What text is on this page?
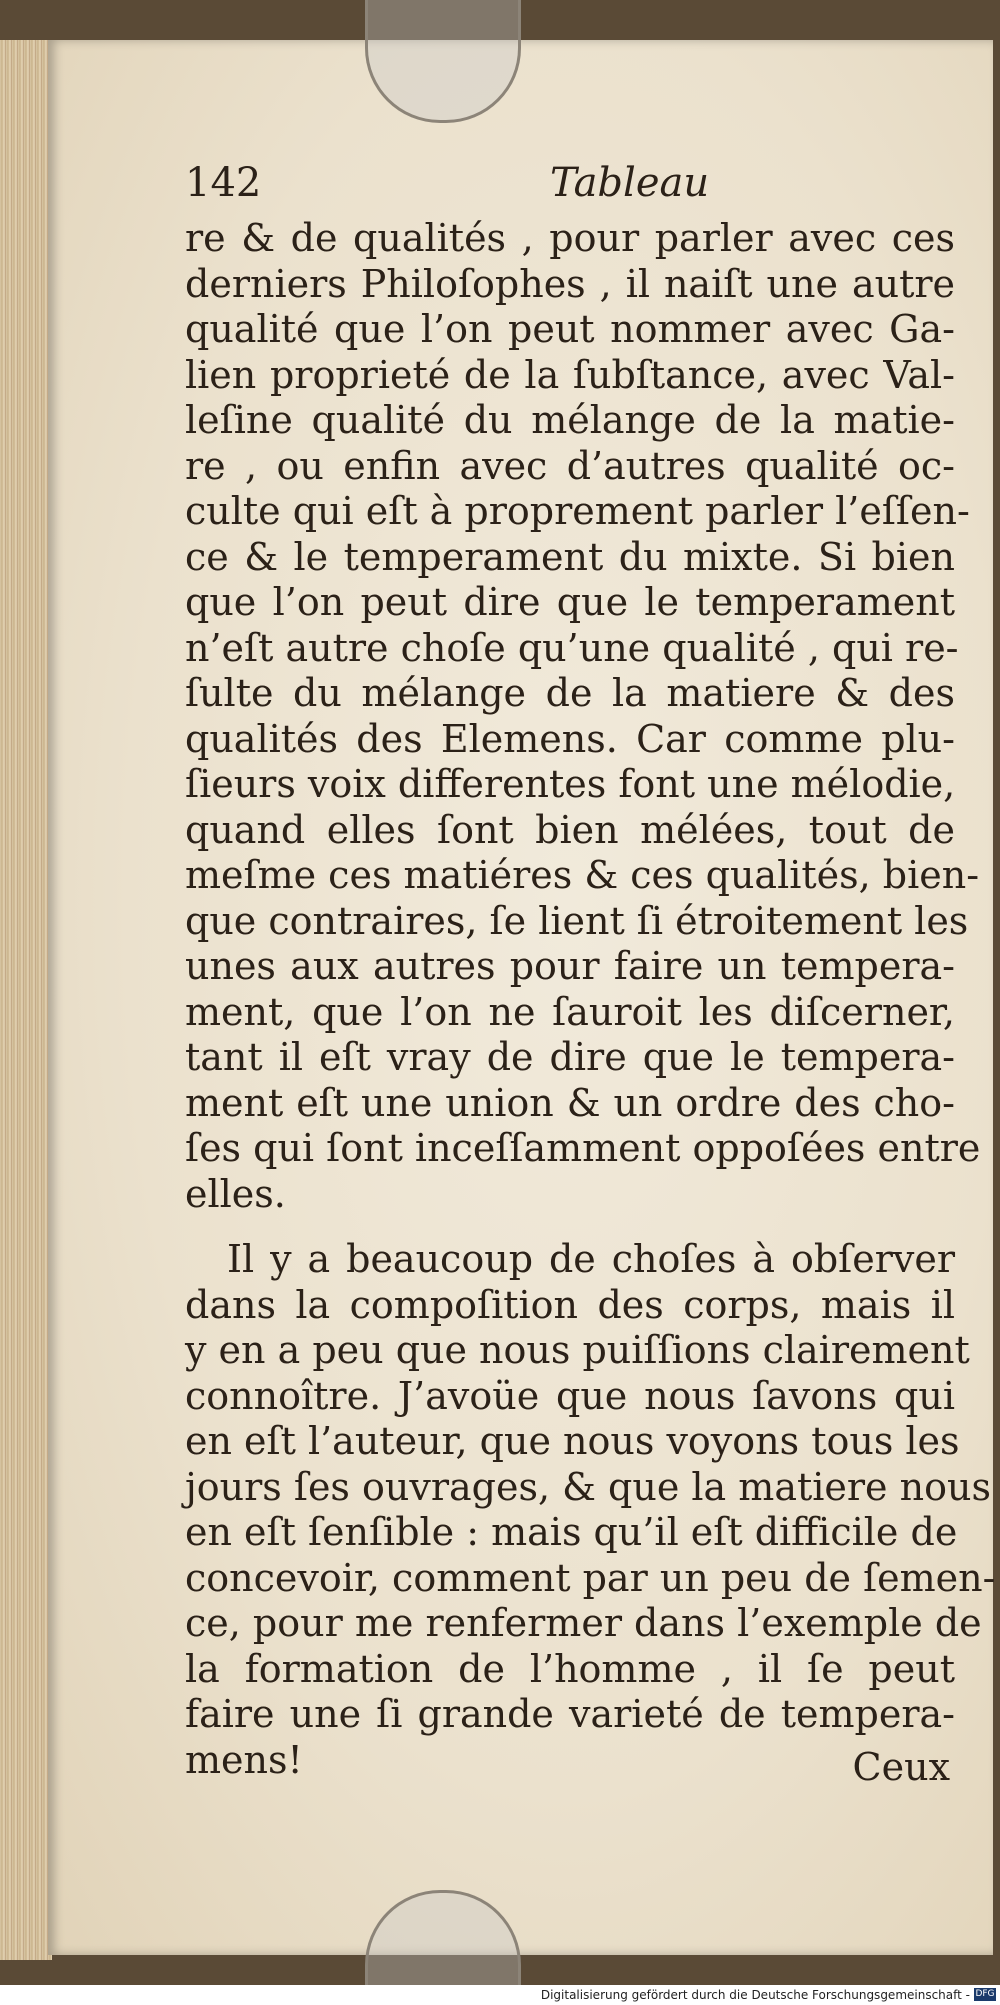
142	Tableau
re & de qualités , pour parler avec ces
derniers Philoſophes , il naiſt une autre
qualité que l’on peut nommer avec Ga-
lien proprieté de la ſubſtance, avec Val-
leſine qualité du mélange de la matie-
re , ou enfin avec d’autres qualité oc-
culte qui eſt à proprement parler l’eſſen-
ce & le temperament du mixte. Si bien
que l’on peut dire que le temperament
n’eſt autre choſe qu’une qualité , qui re-
ſulte du mélange de la matiere & des
qualités des Elemens. Car comme plu-
ſieurs voix differentes font une mélodie,
quand elles ſont bien mélées, tout de
meſme ces matiéres & ces qualités, bien-
que contraires, ſe lient ſi étroitement les
unes aux autres pour faire un tempera-
ment, que l’on ne ſauroit les diſcerner,
tant il eſt vray de dire que le tempera-
ment eſt une union & un ordre des cho-
ſes qui ſont inceſſamment oppoſées entre
elles.
Il y a beaucoup de choſes à obſerver
dans la compoſition des corps, mais il
y en a peu que nous puiſſions clairement
connoître. J’avoüe que nous ſavons qui
en eſt l’auteur, que nous voyons tous les
jours ſes ouvrages, & que la matiere nous
en eſt ſenſible : mais qu’il eſt difficile de
concevoir, comment par un peu de ſemen-
ce, pour me renfermer dans l’exemple de
la formation de l’homme , il ſe peut
faire une ſi grande varieté de tempera-
mens!	Ceux
Digitalisierung gefördert durch die Deutsche Forschungsgemeinschaft - DFG
